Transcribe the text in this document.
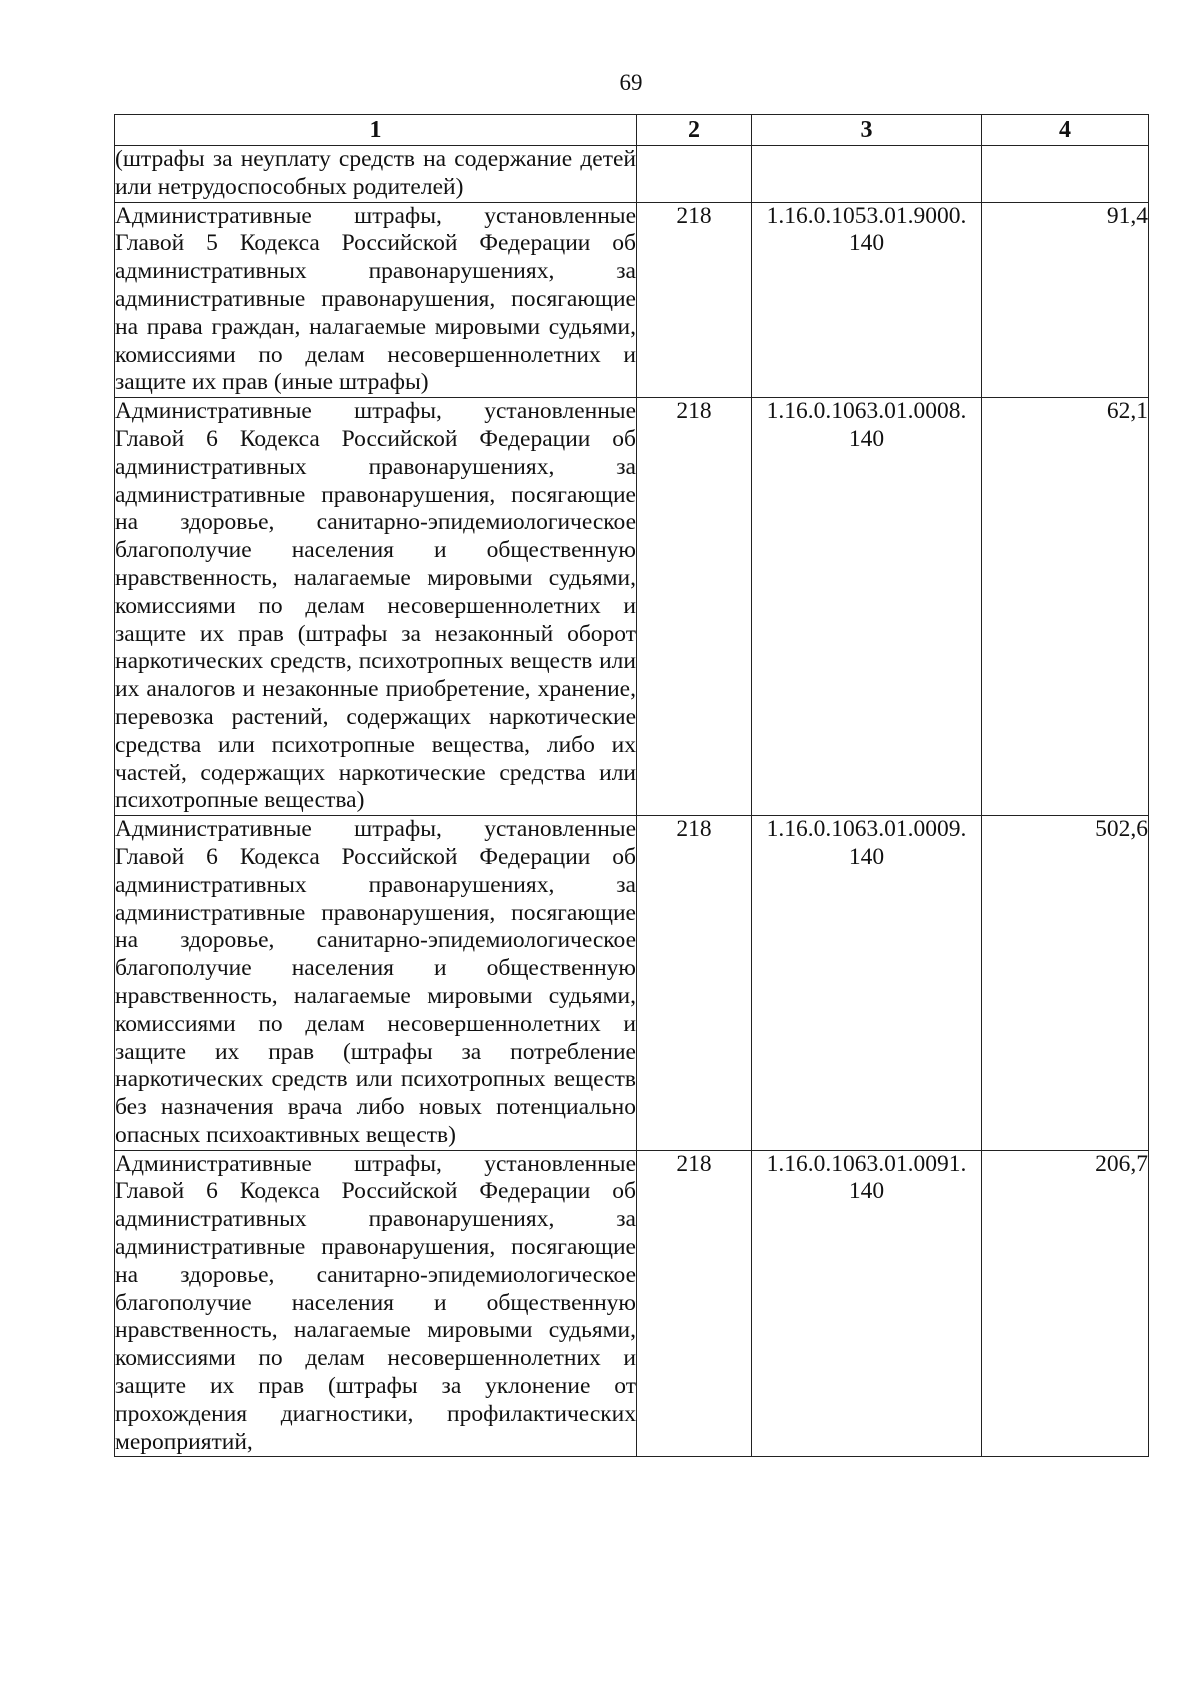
69
1	2	3	4
(штрафы за неуплату средств на содержание детей или нетрудоспособных родителей)			
Административные штрафы, установленные Главой 5 Кодекса Российской Федерации об административных правонарушениях, за административные правонарушения, посягающие на права граждан, налагаемые мировыми судьями, комиссиями по делам несовершеннолетних и защите их прав (иные штрафы)	218	1.16.0.1053.01.9000. 140	91,4
Административные штрафы, установленные Главой 6 Кодекса Российской Федерации об административных правонарушениях, за административные правонарушения, посягающие на здоровье, санитарно-эпидемиологическое благополучие населения и общественную нравственность, налагаемые мировыми судьями, комиссиями по делам несовершеннолетних и защите их прав (штрафы за незаконный оборот наркотических средств, психотропных веществ или их аналогов и незаконные приобретение, хранение, перевозка растений, содержащих наркотические средства или психотропные вещества, либо их частей, содержащих наркотические средства или психотропные вещества)	218	1.16.0.1063.01.0008. 140	62,1
Административные штрафы, установленные Главой 6 Кодекса Российской Федерации об административных правонарушениях, за административные правонарушения, посягающие на здоровье, санитарно-эпидемиологическое благополучие населения и общественную нравственность, налагаемые мировыми судьями, комиссиями по делам несовершеннолетних и защите их прав (штрафы за потребление наркотических средств или психотропных веществ без назначения врача либо новых потенциально опасных психоактивных веществ)	218	1.16.0.1063.01.0009. 140	502,6
Административные штрафы, установленные Главой 6 Кодекса Российской Федерации об административных правонарушениях, за административные правонарушения, посягающие на здоровье, санитарно-эпидемиологическое благополучие населения и общественную нравственность, налагаемые мировыми судьями, комиссиями по делам несовершеннолетних и защите их прав (штрафы за уклонение от прохождения диагностики, профилактических мероприятий,	218	1.16.0.1063.01.0091. 140	206,7
